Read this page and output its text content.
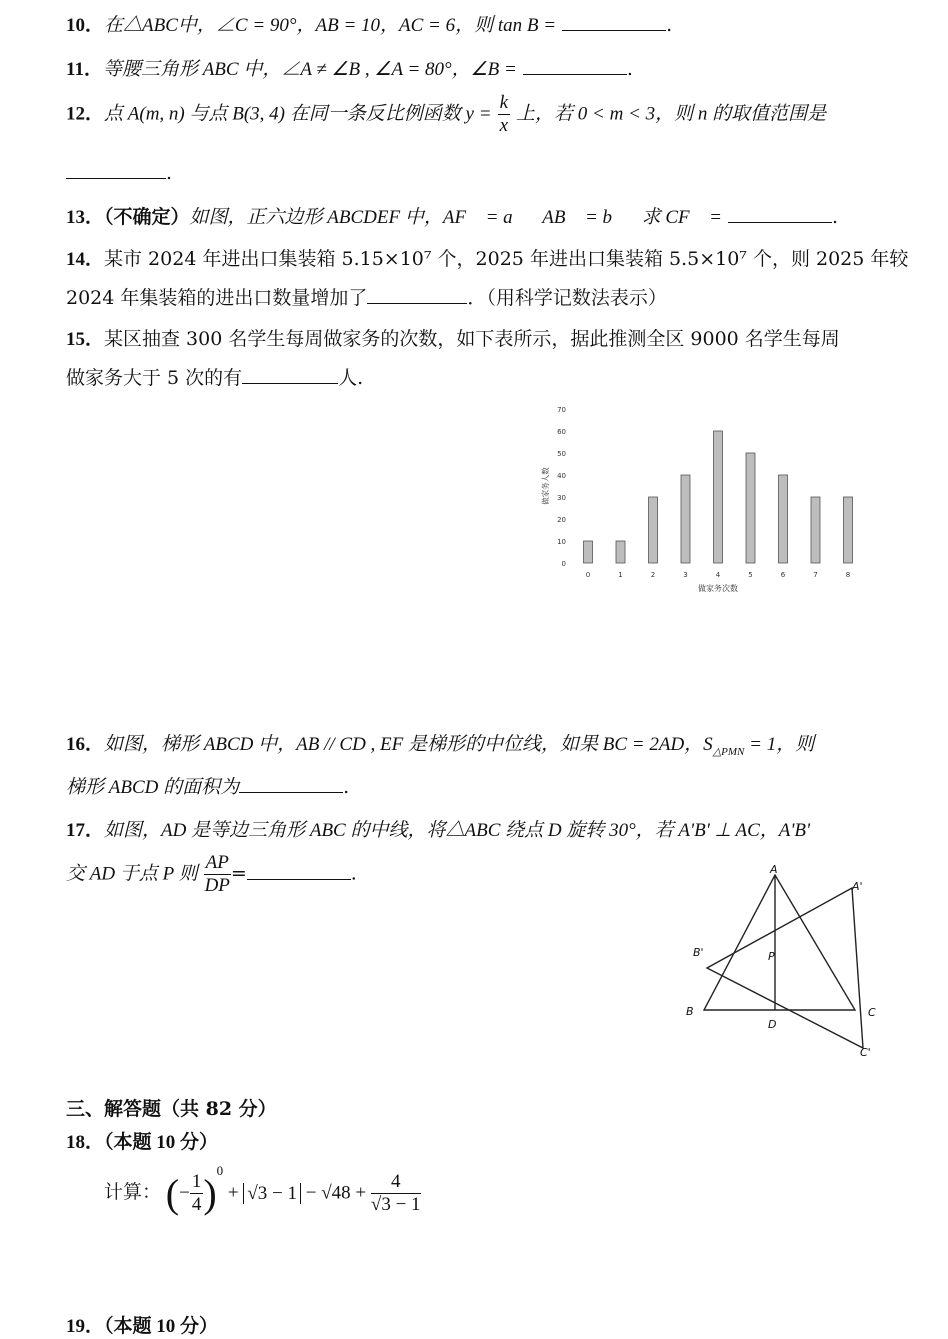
10．在△ABC中，∠C = 90°，AB = 10，AC = 6，则 tan B =	.
11．等腰三角形 ABC 中，∠A ≠ ∠B , ∠A = 80°，∠B =	.
12．点 A(m, n) 与点 B(3, 4) 在同一条反比例函数 $y = \frac{k}{x}$ 上，若 0 < m < 3，则 n 的取值范围是
.
13．（不确定）如图，正六边形 ABCDEF 中，AF⃗ = a⃗，AB⃗ = b⃗，求 CF⃗ =	.
14．某市 2024 年进出口集装箱 5.15×10⁷ 个，2025 年进出口集装箱 5.5×10⁷ 个，则 2025 年较
2024 年集装箱的进出口数量增加了	．（用科学记数法表示）
15．某区抽查 300 名学生每周做家务的次数，如下表所示，据此推测全区 9000 名学生每周
做家务大于 5 次的有	人.
0
10
20
30
40
50
60
70
0	1	2	3	4	5	6	7	8
做家务次数
做家务人数
16．如图，梯形 ABCD 中，AB // CD , EF 是梯形的中位线，如果 BC = 2AD，$S_{\triangle PMN} = 1$，则
梯形 ABCD 的面积为	.
17．如图，AD 是等边三角形 ABC 的中线，将△ABC 绕点 D 旋转 30°，若 A'B' ⊥ AC，A'B'
交 AD 于点 P 则 $\frac{AP}{DP}$ =	.	A
A'
B'	P
B	C
D
C'
三、解答题（共 82 分）
18．（本题 10 分）
计算： (− $\frac{1}{4} )^0 + √3 - 1 - √48 + \frac{4}{√3 - 1}$
19．（本题 10 分）
